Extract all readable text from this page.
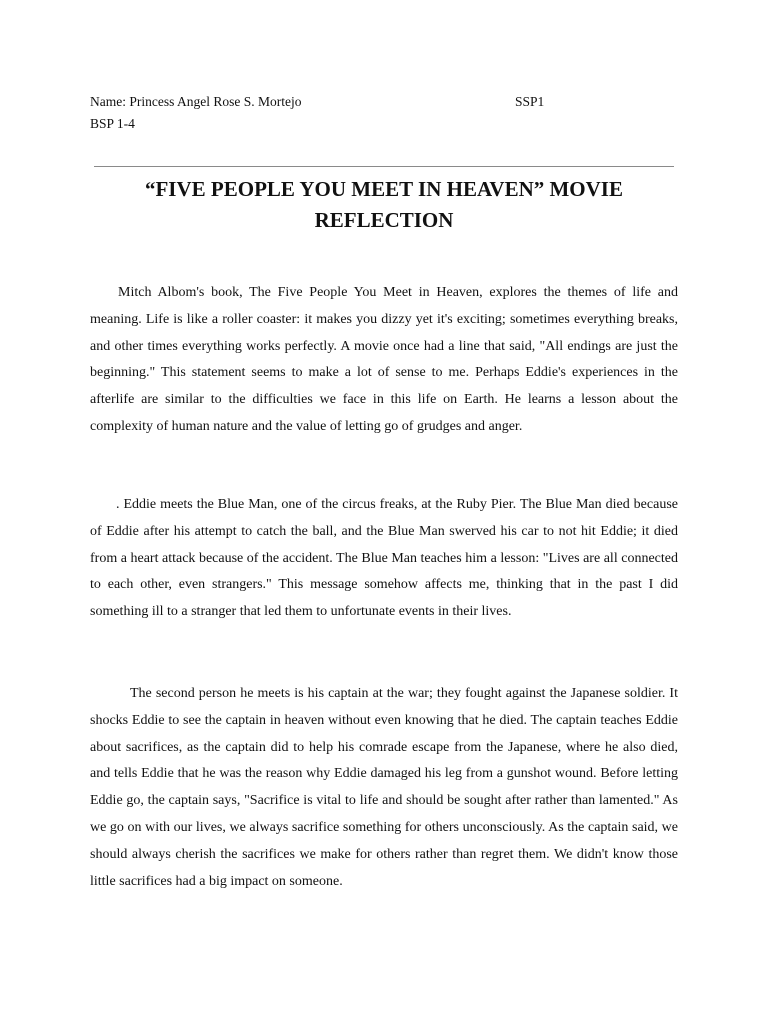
Name: Princess Angel Rose S. Mortejo	SSP1
BSP 1-4
“FIVE PEOPLE YOU MEET IN HEAVEN” MOVIE REFLECTION

Mitch Albom's book, The Five People You Meet in Heaven, explores the themes of life and meaning. Life is like a roller coaster: it makes you dizzy yet it's exciting; sometimes everything breaks, and other times everything works perfectly. A movie once had a line that said, "All endings are just the beginning." This statement seems to make a lot of sense to me. Perhaps Eddie's experiences in the afterlife are similar to the difficulties we face in this life on Earth. He learns a lesson about the complexity of human nature and the value of letting go of grudges and anger.

. Eddie meets the Blue Man, one of the circus freaks, at the Ruby Pier. The Blue Man died because of Eddie after his attempt to catch the ball, and the Blue Man swerved his car to not hit Eddie; it died from a heart attack because of the accident. The Blue Man teaches him a lesson: "Lives are all connected to each other, even strangers." This message somehow affects me, thinking that in the past I did something ill to a stranger that led them to unfortunate events in their lives.

The second person he meets is his captain at the war; they fought against the Japanese soldier. It shocks Eddie to see the captain in heaven without even knowing that he died. The captain teaches Eddie about sacrifices, as the captain did to help his comrade escape from the Japanese, where he also died, and tells Eddie that he was the reason why Eddie damaged his leg from a gunshot wound. Before letting Eddie go, the captain says, "Sacrifice is vital to life and should be sought after rather than lamented." As we go on with our lives, we always sacrifice something for others unconsciously. As the captain said, we should always cherish the sacrifices we make for others rather than regret them. We didn't know those little sacrifices had a big impact on someone.
